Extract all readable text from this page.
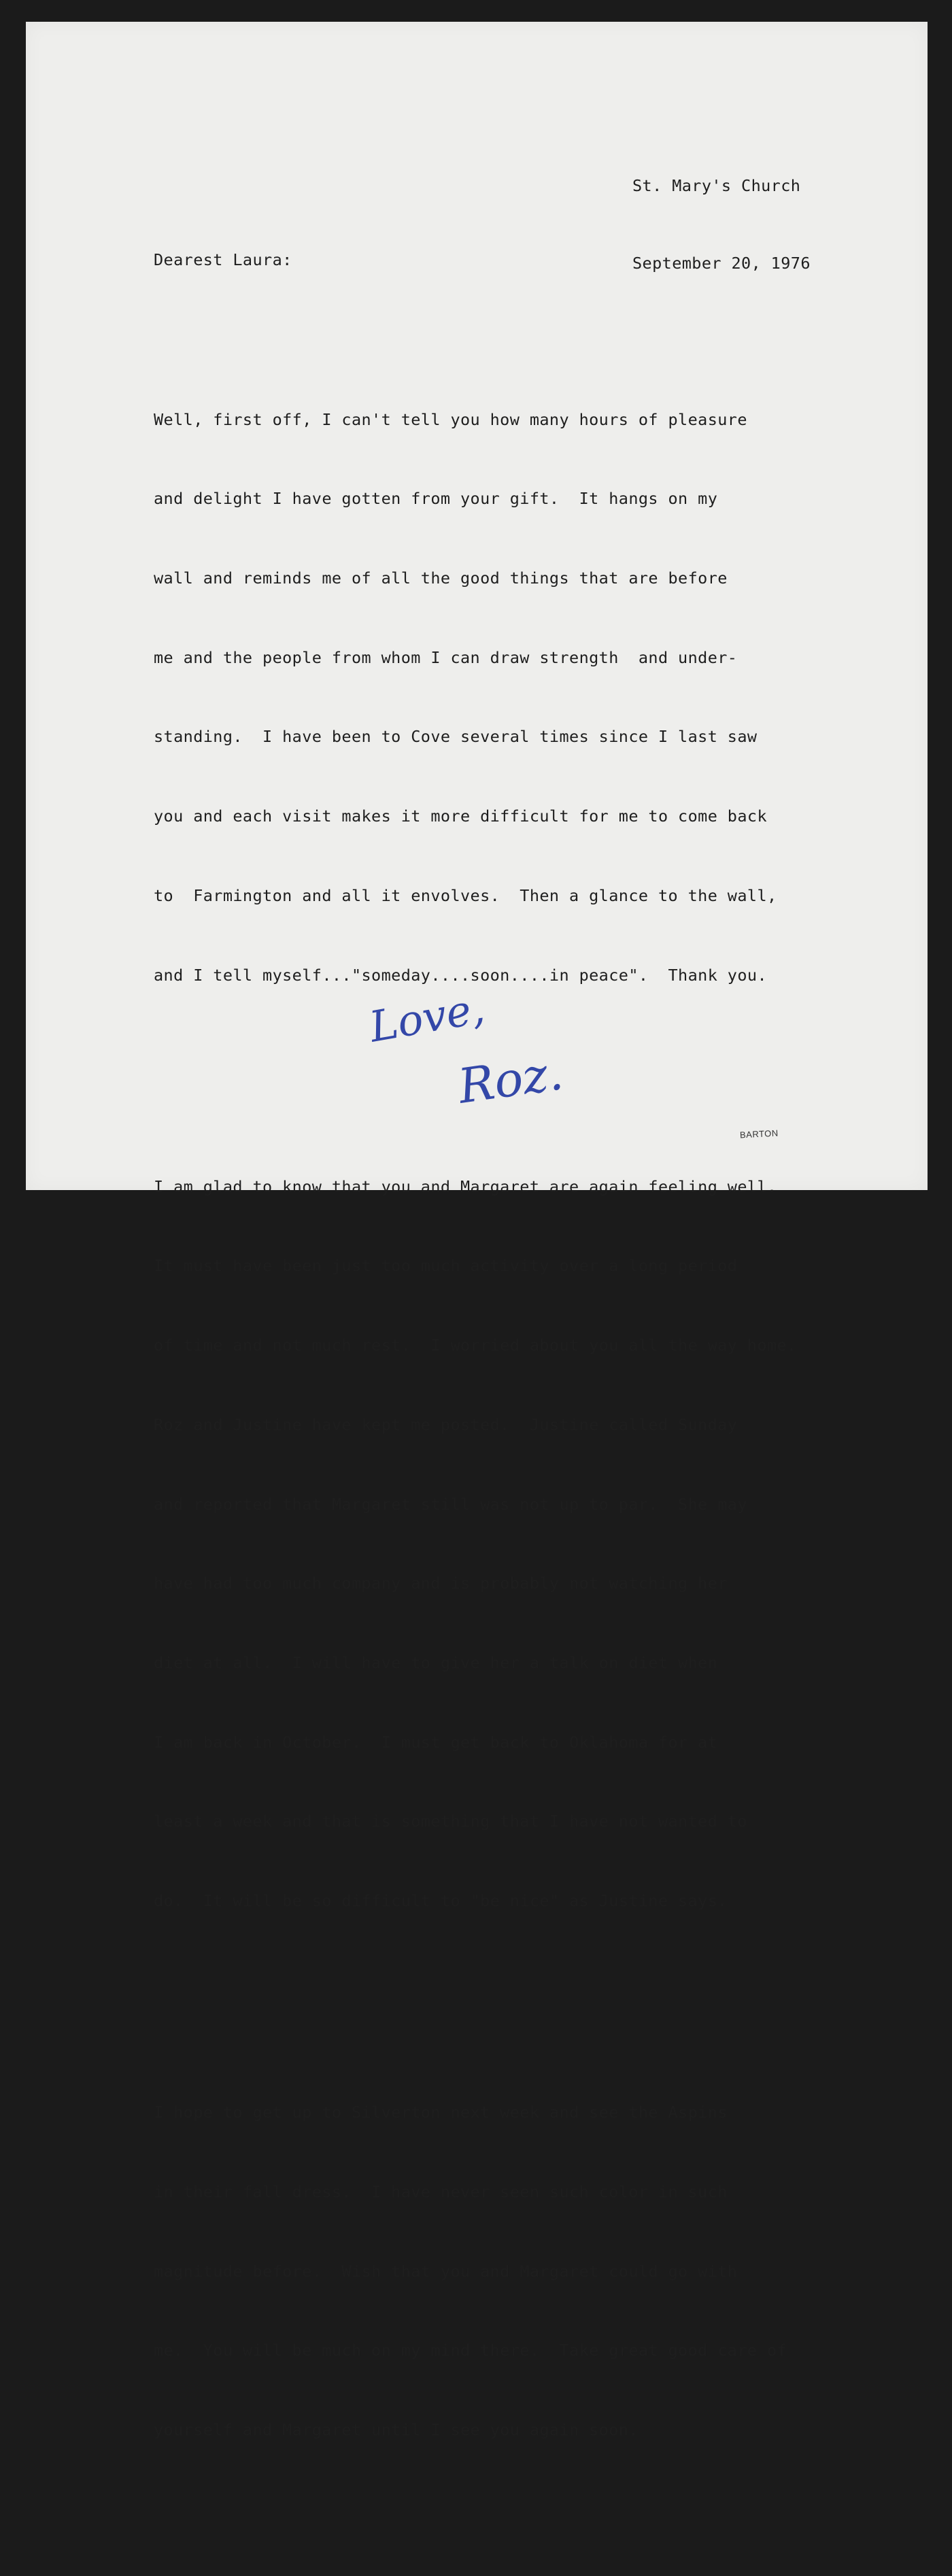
St. Mary's Church

September 20, 1976

Dearest Laura:

Well, first off, I can't tell you how many hours of pleasure

and delight I have gotten from your gift.  It hangs on my

wall and reminds me of all the good things that are before

me and the people from whom I can draw strength  and under-

standing.  I have been to Cove several times since I last saw

you and each visit makes it more difficult for me to come back

to  Farmington and all it envolves.  Then a glance to the wall,

and I tell myself..."someday....soon....in peace".  Thank you.

I am glad to know that you and Margaret are again feeling well.

It must have been just too much activity over a long period

of time and not much rest.  I worried about you all the way home.

Roz and Justine have kept me posted.  Justine called Sunday

and reported that Margaret still was not up to par.  She may

have had too much company and is probably not watching her

diet at all.  I will have to give her a talk on diet when

I am back in October.  I must get back to Oklahoma for at

least a week and that is something that I have not wanted to

do.  It will be so difficult to "be nice" as Justine says.

I hope to get up to Silverton next week and see the Aspins

in their fall dress.  I have never seen such color in such

magnitude before.  Wish that you and Margaret could go with

me.  You will be much on my mind there.  Take great good care of

yourself and Margaret until I see you again soon.

Love,
Roz.
BARTON
